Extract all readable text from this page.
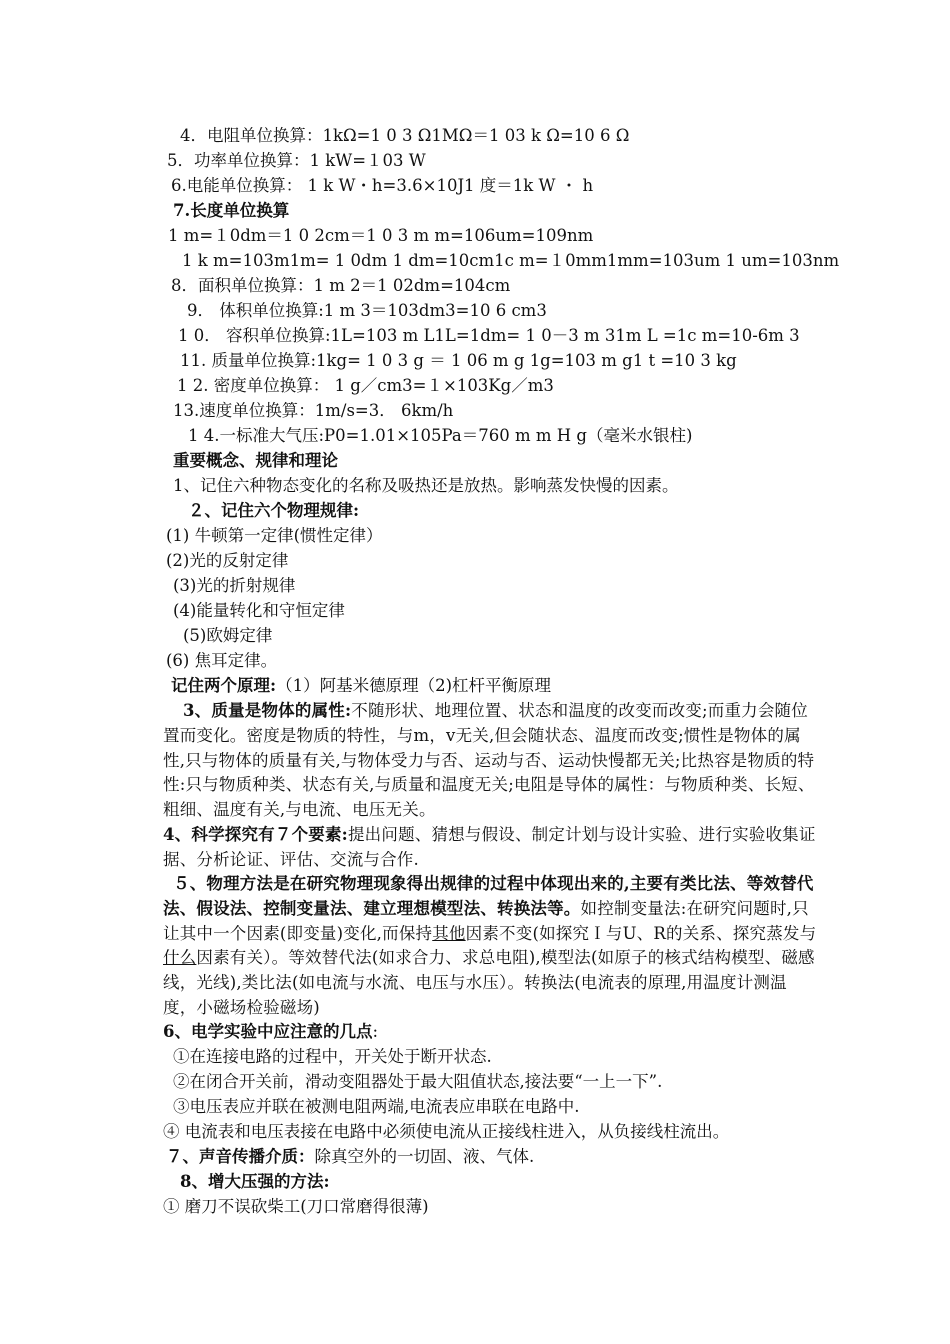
4．电阻单位换算：1kΩ=1 0 3 Ω1MΩ＝1 03 k Ω=10 6 Ω
5．功率单位换算：1 kW=１03 W
6.电能单位换算： 1 k W・h=3.6×10J1 度＝1k W ・ h
7.长度单位换算
1 m=１0dm＝1 0 2cm＝1 0 3 m m=106um=109nm
1 k m=103m1m= 1 0dm 1 dm=10cm1c m=１0mm1mm=103um 1 um=103nm
8．面积单位换算：1 m 2＝1 02dm=104cm
9． 体积单位换算:1 m 3＝103dm3=10 6 cm3
1 0． 容积单位换算:1L=103 m L1L=1dm= 1 0－3 m 31m L =1c m=10-6m 3
11. 质量单位换算:1kg= 1 0 3 g ＝ 1 06 m g 1g=103 m g1 t =10 3 kg
1 2. 密度单位换算： 1 g／cm3=１×103Kg／m3
13.速度单位换算：1m/s=3． 6km/h
1 4.一标准大气压:P0=1.01×105Pa＝760 m m H g（毫米水银柱)
重要概念、规律和理论
1、记住六种物态变化的名称及吸热还是放热。影响蒸发快慢的因素。
２、记住六个物理规律:
(1) 牛顿第一定律(惯性定律）
(2)光的反射定律
(3)光的折射规律
(4)能量转化和守恒定律
(5)欧姆定律
(6) 焦耳定律。
记住两个原理:（1）阿基米德原理（2)杠杆平衡原理
3、质量是物体的属性:不随形状、地理位置、状态和温度的改变而改变;而重力会随位置而变化。密度是物质的特性，与m，v无关,但会随状态、温度而改变;惯性是物体的属性,只与物体的质量有关,与物体受力与否、运动与否、运动快慢都无关;比热容是物质的特性:只与物质种类、状态有关,与质量和温度无关;电阻是导体的属性：与物质种类、长短、粗细、温度有关,与电流、电压无关。
4、科学探究有７个要素:提出问题、猜想与假设、制定计划与设计实验、进行实验收集证据、分析论证、评估、交流与合作.
５、物理方法是在研究物理现象得出规律的过程中体现出来的,主要有类比法、等效替代法、假设法、控制变量法、建立理想模型法、转换法等。如控制变量法:在研究问题时,只让其中一个因素(即变量)变化,而保持其他因素不变(如探究Ｉ与U、R的关系、探究蒸发与什么因素有关）。等效替代法(如求合力、求总电阻),模型法(如原子的核式结构模型、磁感线，光线),类比法(如电流与水流、电压与水压）。转换法(电流表的原理,用温度计测温度，小磁场检验磁场)
6、电学实验中应注意的几点:
①在连接电路的过程中，开关处于断开状态.
②在闭合开关前，滑动变阻器处于最大阻值状态,接法要“一上一下”.
③电压表应并联在被测电阻两端,电流表应串联在电路中.
④ 电流表和电压表接在电路中必须使电流从正接线柱进入，从负接线柱流出。
７、声音传播介质：除真空外的一切固、液、气体.
8、增大压强的方法:
① 磨刀不误砍柴工(刀口常磨得很薄)
